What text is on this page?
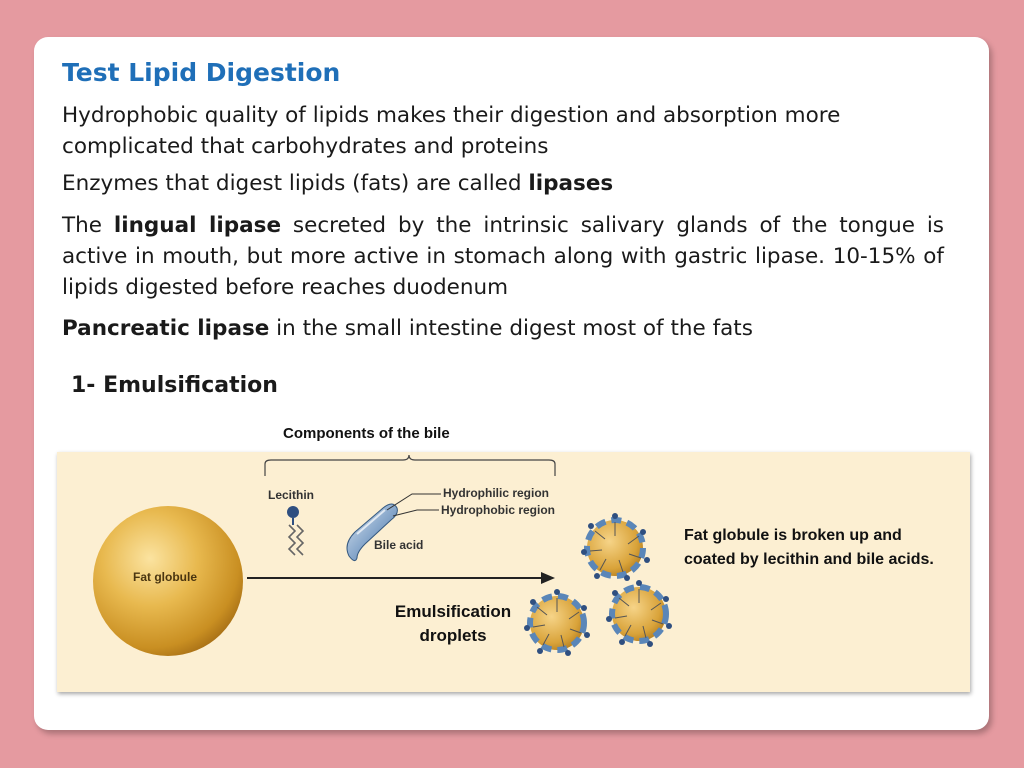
Test Lipid Digestion
Hydrophobic quality of lipids makes their digestion and absorption more complicated that carbohydrates and proteins
Enzymes that digest lipids (fats) are called lipases
The lingual lipase secreted by the intrinsic salivary glands of the tongue is active in mouth, but more active in stomach along with gastric lipase. 10-15% of lipids digested before reaches duodenum
Pancreatic lipase in the small intestine digest most of the fats
1- Emulsification
Components of the bile
Lecithin	Hydrophilic region
Hydrophobic region
Bile acid
Fat globule
Emulsification droplets
Fat globule is broken up and coated by lecithin and bile acids.
